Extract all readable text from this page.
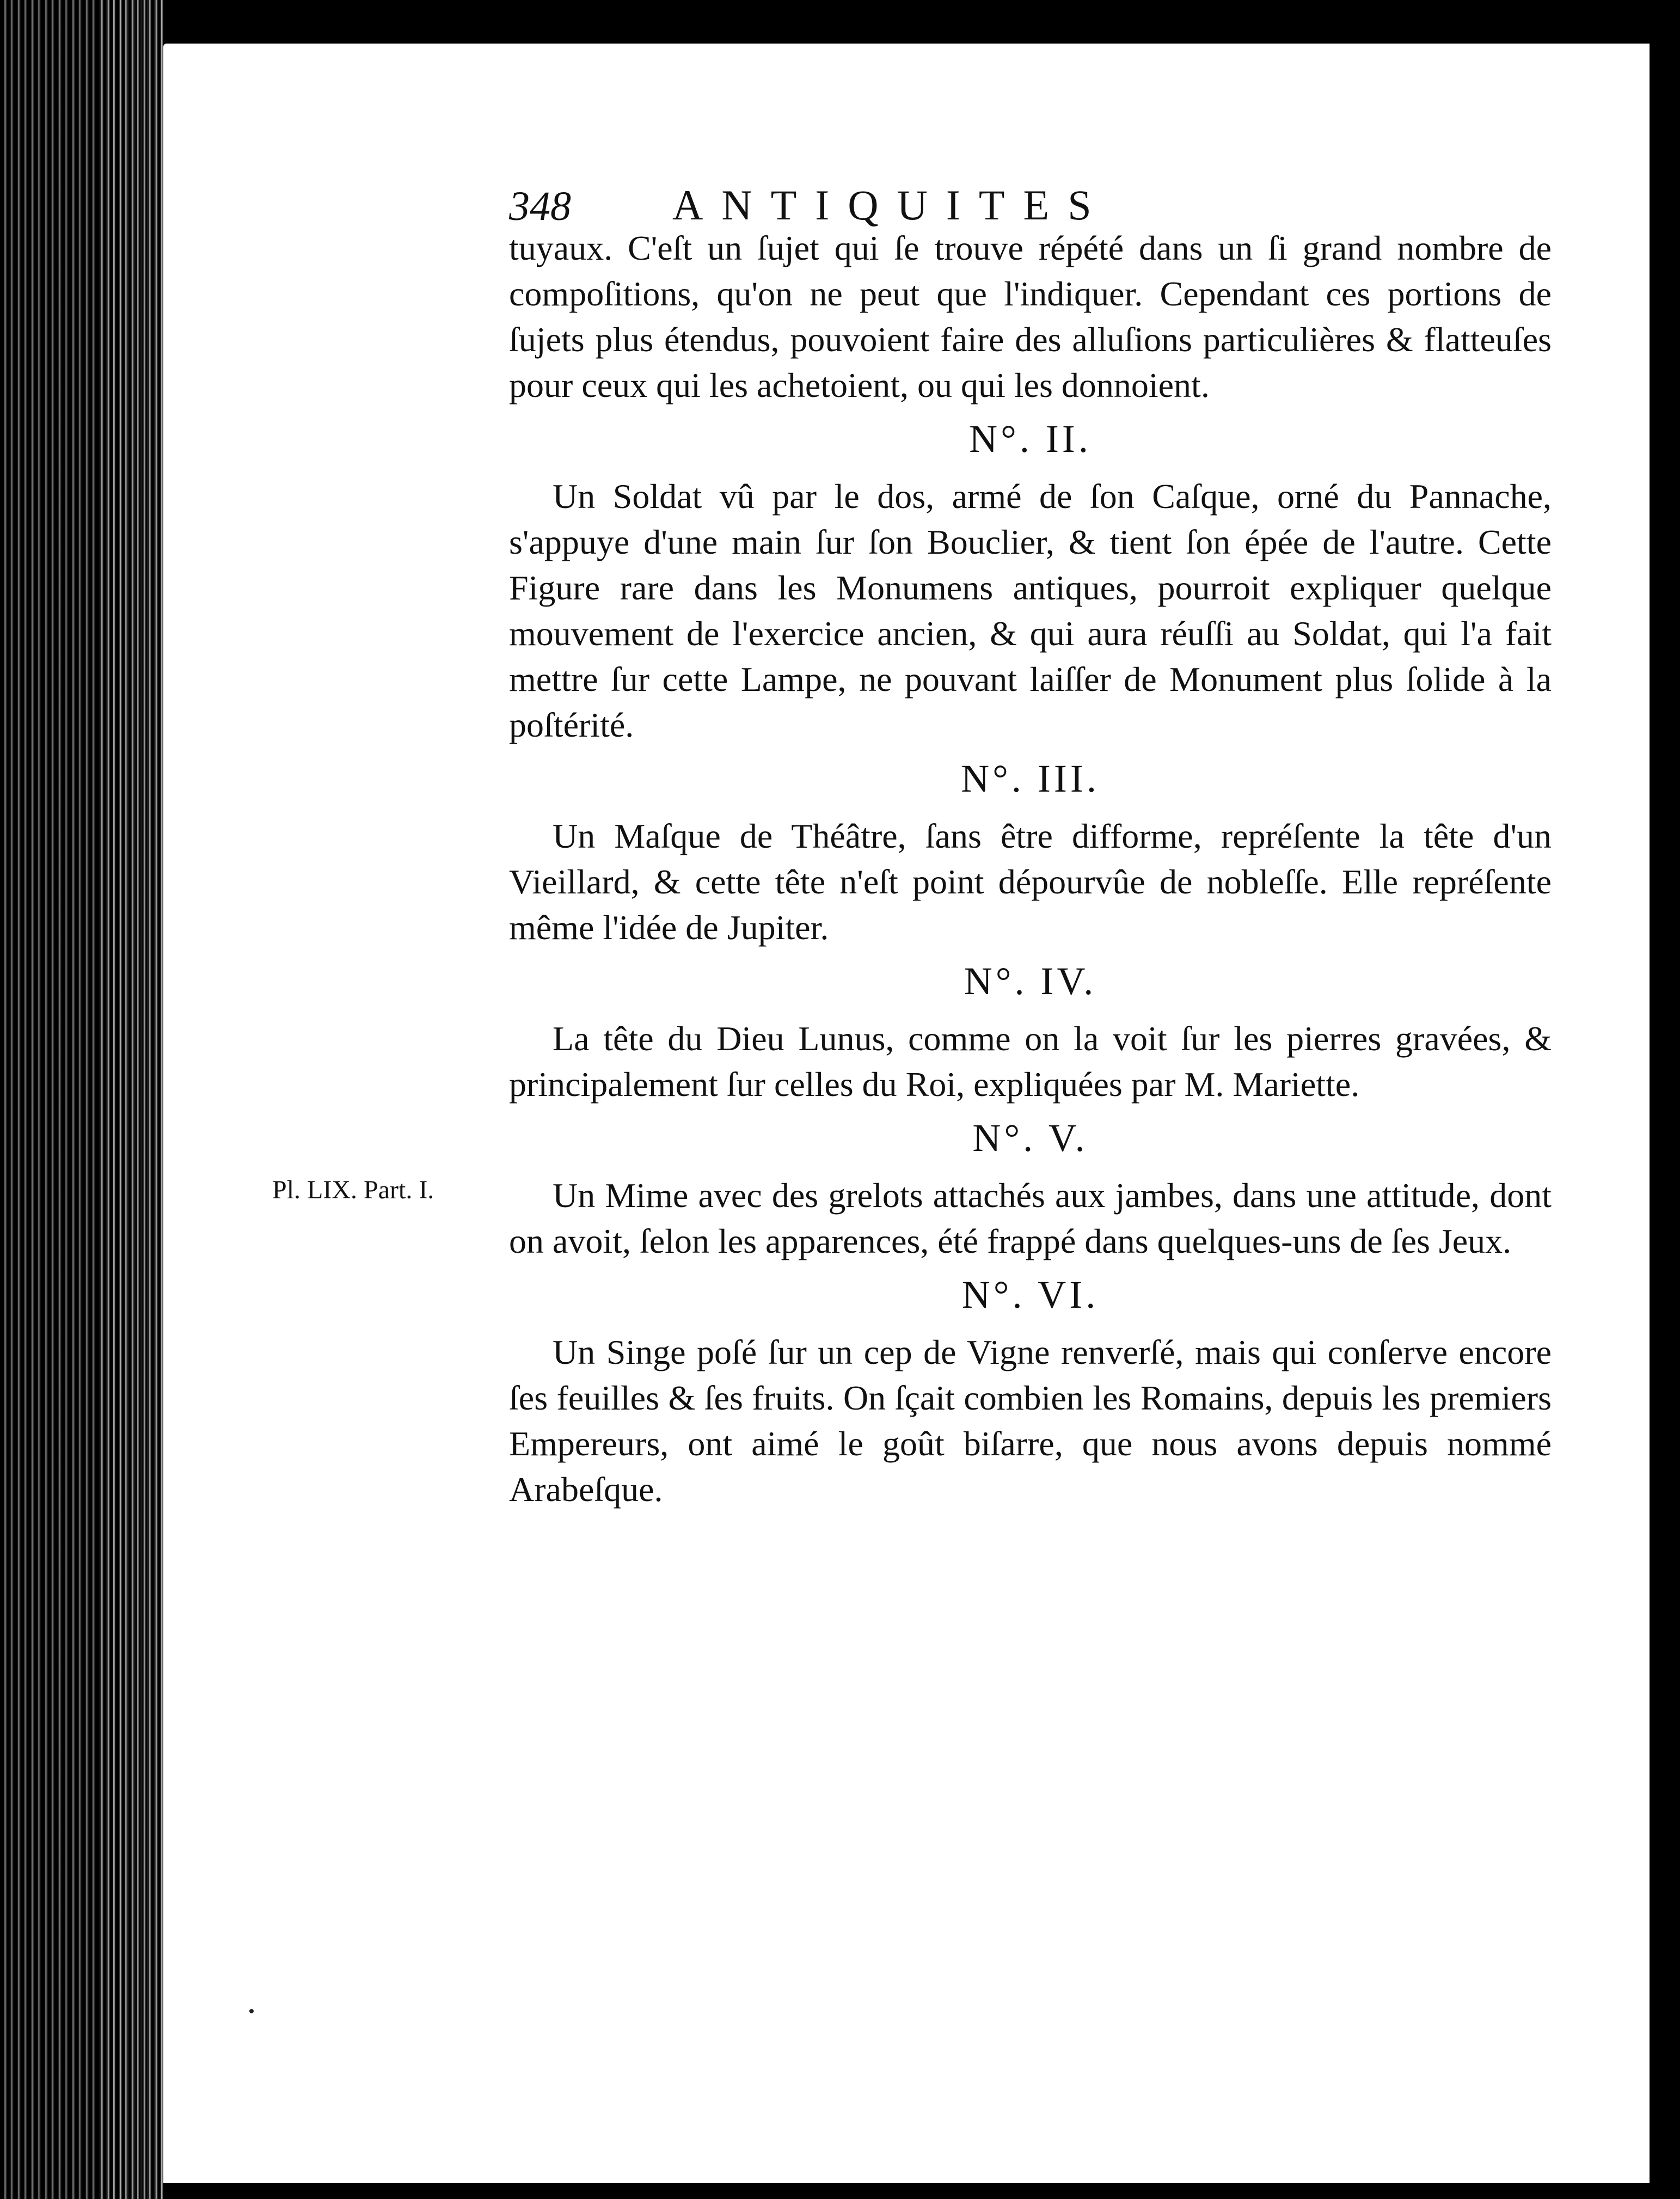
348 ANTIQUITES
Pl. LIX. Part. I.

tuyaux. C'eſt un ſujet qui ſe trouve répété dans un ſi grand nombre de compoſitions, qu'on ne peut que l'indiquer. Cependant ces portions de ſujets plus étendus, pouvoient faire des alluſions particulières & flatteuſes pour ceux qui les achetoient, ou qui les donnoient.

N°. II.

Un Soldat vû par le dos, armé de ſon Caſque, orné du Pannache, s'appuye d'une main ſur ſon Bouclier, & tient ſon épée de l'autre. Cette Figure rare dans les Monumens antiques, pourroit expliquer quelque mouvement de l'exercice ancien, & qui aura réuſſi au Soldat, qui l'a fait mettre ſur cette Lampe, ne pouvant laiſſer de Monument plus ſolide à la poſtérité.

N°. III.

Un Maſque de Théâtre, ſans être difforme, repréſente la tête d'un Vieillard, & cette tête n'eſt point dépourvûe de nobleſſe. Elle repréſente même l'idée de Jupiter.

N°. IV.

La tête du Dieu Lunus, comme on la voit ſur les pierres gravées, & principalement ſur celles du Roi, expliquées par M. Mariette.

N°. V.

Un Mime avec des grelots attachés aux jambes, dans une attitude, dont on avoit, ſelon les apparences, été frappé dans quelques-uns de ſes Jeux.

N°. VI.

Un Singe poſé ſur un cep de Vigne renverſé, mais qui conſerve encore ſes feuilles & ſes fruits. On ſçait combien les Romains, depuis les premiers Empereurs, ont aimé le goût biſarre, que nous avons depuis nommé Arabeſque.
